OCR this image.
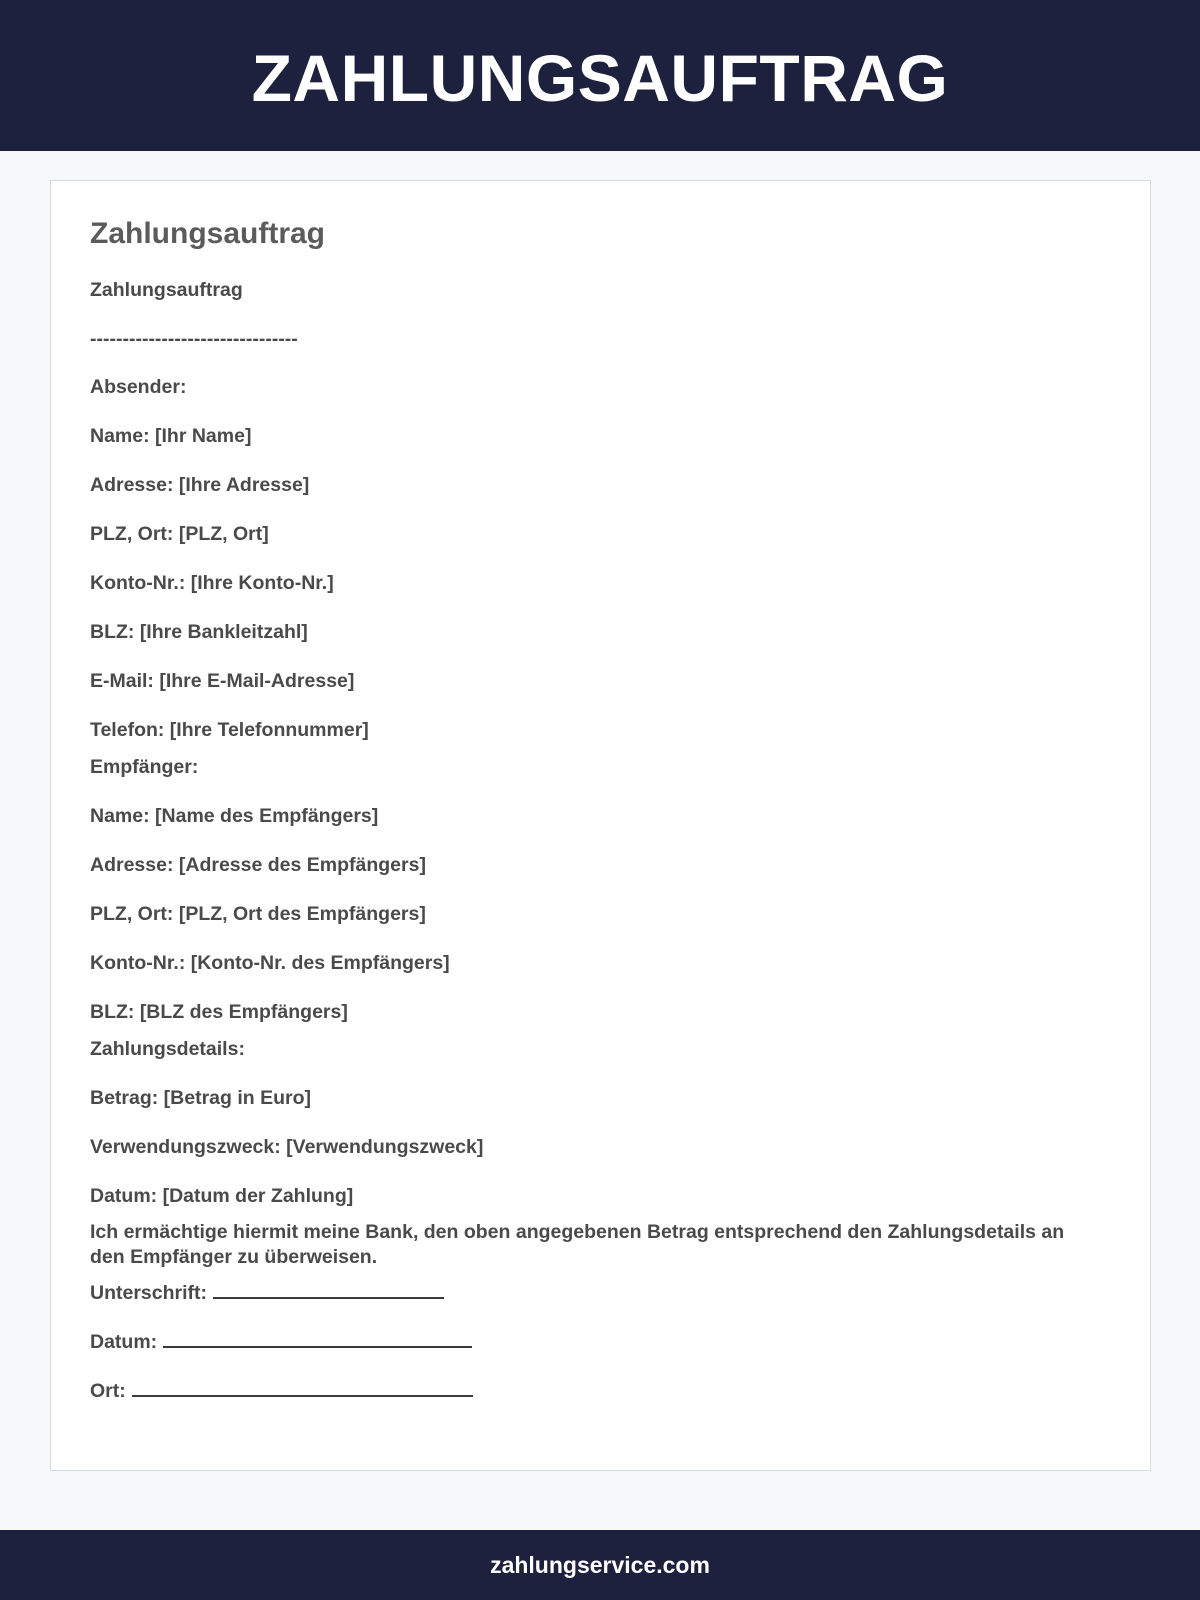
ZAHLUNGSAUFTRAG
Zahlungsauftrag
Zahlungsauftrag
--------------------------------
Absender:
Name: [Ihr Name]
Adresse: [Ihre Adresse]
PLZ, Ort: [PLZ, Ort]
Konto-Nr.: [Ihre Konto-Nr.]
BLZ: [Ihre Bankleitzahl]
E-Mail: [Ihre E-Mail-Adresse]
Telefon: [Ihre Telefonnummer]
Empfänger:
Name: [Name des Empfängers]
Adresse: [Adresse des Empfängers]
PLZ, Ort: [PLZ, Ort des Empfängers]
Konto-Nr.: [Konto-Nr. des Empfängers]
BLZ: [BLZ des Empfängers]
Zahlungsdetails:
Betrag: [Betrag in Euro]
Verwendungszweck: [Verwendungszweck]
Datum: [Datum der Zahlung]
Ich ermächtige hiermit meine Bank, den oben angegebenen Betrag entsprechend den Zahlungsdetails an den Empfänger zu überweisen.
Unterschrift:
Datum:
Ort:
zahlungservice.com
